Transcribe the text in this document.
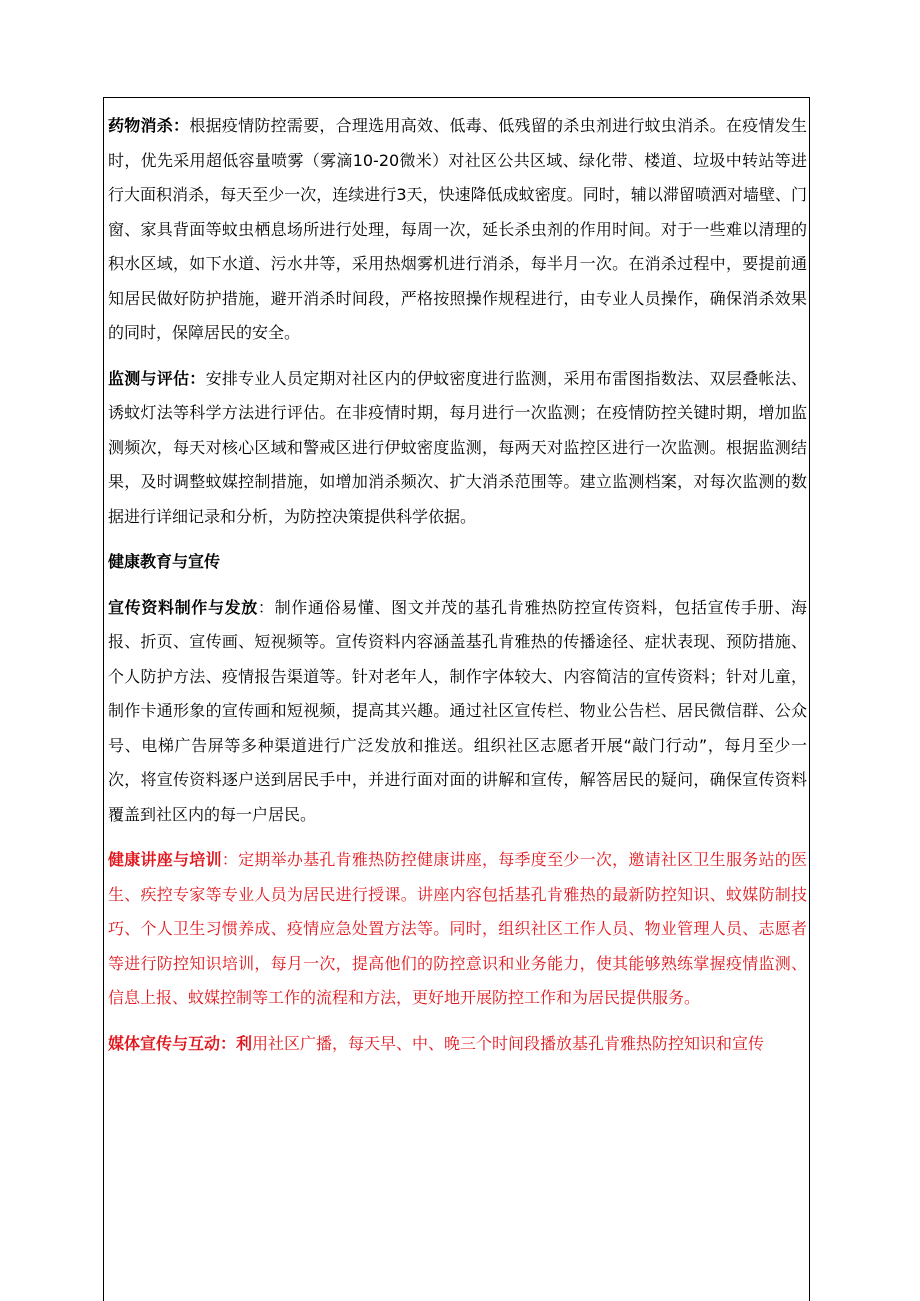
药物消杀：根据疫情防控需要，合理选用高效、低毒、低残留的杀虫剂进行蚊虫消杀。在疫情发生时，优先采用超低容量喷雾（雾滴10-20微米）对社区公共区域、绿化带、楼道、垃圾中转站等进行大面积消杀，每天至少一次，连续进行3天，快速降低成蚊密度。同时，辅以滞留喷洒对墙壁、门窗、家具背面等蚊虫栖息场所进行处理，每周一次，延长杀虫剂的作用时间。对于一些难以清理的积水区域，如下水道、污水井等，采用热烟雾机进行消杀，每半月一次。在消杀过程中，要提前通知居民做好防护措施，避开消杀时间段，严格按照操作规程进行，由专业人员操作，确保消杀效果的同时，保障居民的安全。

监测与评估：安排专业人员定期对社区内的伊蚊密度进行监测，采用布雷图指数法、双层叠帐法、诱蚊灯法等科学方法进行评估。在非疫情时期，每月进行一次监测；在疫情防控关键时期，增加监测频次，每天对核心区域和警戒区进行伊蚊密度监测，每两天对监控区进行一次监测。根据监测结果，及时调整蚊媒控制措施，如增加消杀频次、扩大消杀范围等。建立监测档案，对每次监测的数据进行详细记录和分析，为防控决策提供科学依据。

健康教育与宣传

宣传资料制作与发放：制作通俗易懂、图文并茂的基孔肯雅热防控宣传资料，包括宣传手册、海报、折页、宣传画、短视频等。宣传资料内容涵盖基孔肯雅热的传播途径、症状表现、预防措施、个人防护方法、疫情报告渠道等。针对老年人，制作字体较大、内容简洁的宣传资料；针对儿童，制作卡通形象的宣传画和短视频，提高其兴趣。通过社区宣传栏、物业公告栏、居民微信群、公众号、电梯广告屏等多种渠道进行广泛发放和推送。组织社区志愿者开展“敲门行动”，每月至少一次，将宣传资料逐户送到居民手中，并进行面对面的讲解和宣传，解答居民的疑问，确保宣传资料覆盖到社区内的每一户居民。

健康讲座与培训：定期举办基孔肯雅热防控健康讲座，每季度至少一次，邀请社区卫生服务站的医生、疾控专家等专业人员为居民进行授课。讲座内容包括基孔肯雅热的最新防控知识、蚊媒防制技巧、个人卫生习惯养成、疫情应急处置方法等。同时，组织社区工作人员、物业管理人员、志愿者等进行防控知识培训，每月一次，提高他们的防控意识和业务能力，使其能够熟练掌握疫情监测、信息上报、蚊媒控制等工作的流程和方法，更好地开展防控工作和为居民提供服务。

媒体宣传与互动：利用社区广播，每天早、中、晚三个时间段播放基孔肯雅热防控知识和宣传
